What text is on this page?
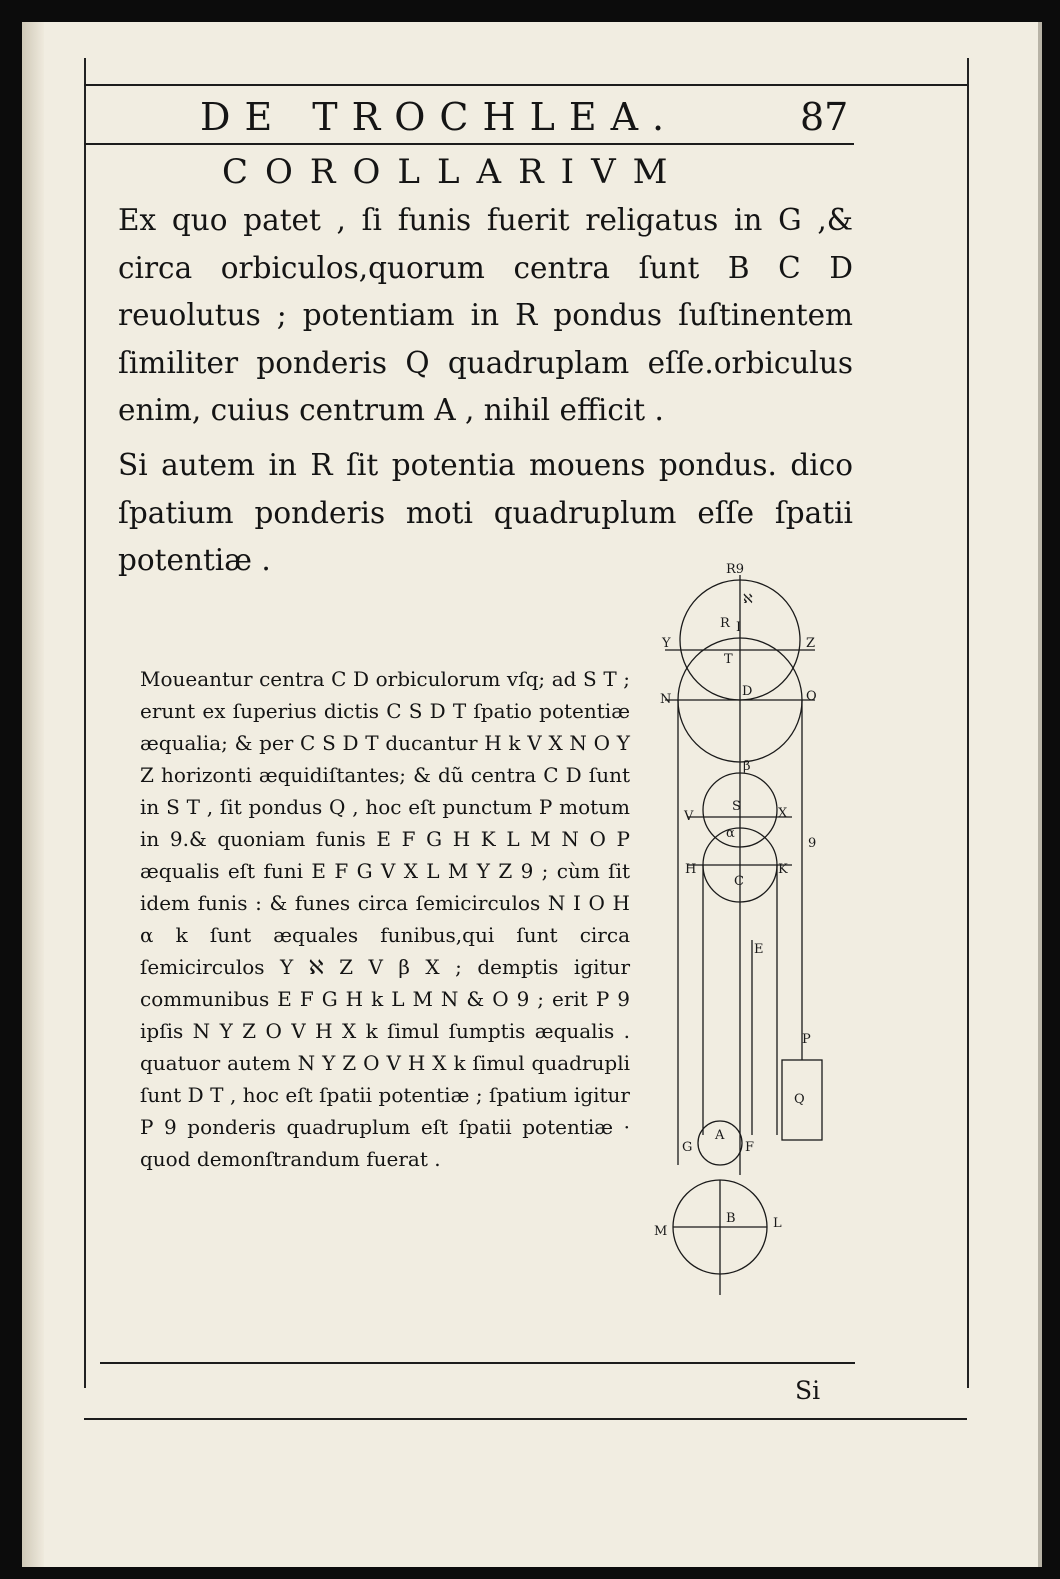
DE TROCHLEA.	87
COROLLARIVM

Ex quo patet , ſi funis fuerit religatus in G ,& circa orbiculos,quorum centra ſunt B C D reuolutus ; potentiam in R pondus ſuſtinentem ſimiliter ponderis Q quadruplam eſſe.orbiculus enim, cuius centrum A , nihil efficit .

Si autem in R ſit potentia mouens pondus. dico ſpatium ponderis moti quadruplum eſſe ſpatii potentiæ .

Moueantur centra C D orbiculorum vſq; ad S T ; erunt ex ſuperius dictis C S D T ſpatio potentiæ æqualia; & per C S D T ducantur H k V X N O Y Z horizonti æquidiſtantes; & dũ centra C D ſunt in S T , ſit pondus Q , hoc eſt punctum P motum in 9.& quoniam funis E F G H K L M N O P æqualis eſt funi E F G V X L M Y Z 9 ; cùm ſit idem funis : & funes circa ſemicirculos N I O H α k ſunt æquales funibus,qui ſunt circa ſemicirculos Y ℵ Z V β X ; demptis igitur communibus E F G H k L M N & O 9 ; erit P 9 ipſis N Y Z O V H X k ſimul ſumptis æqualis . quatuor autem N Y Z O V H X k ſimul quadrupli ſunt D T , hoc eſt ſpatii potentiæ ; ſpatium igitur P 9 ponderis quadruplum eſt ſpatii potentiæ · quod demonſtrandum fuerat .

R9
ℵ
R I
Y	Z
T
N
D	O
β
V
S	X
α
9
H
C
K
E
P
Q
G
A
F
M
B	L
Si
